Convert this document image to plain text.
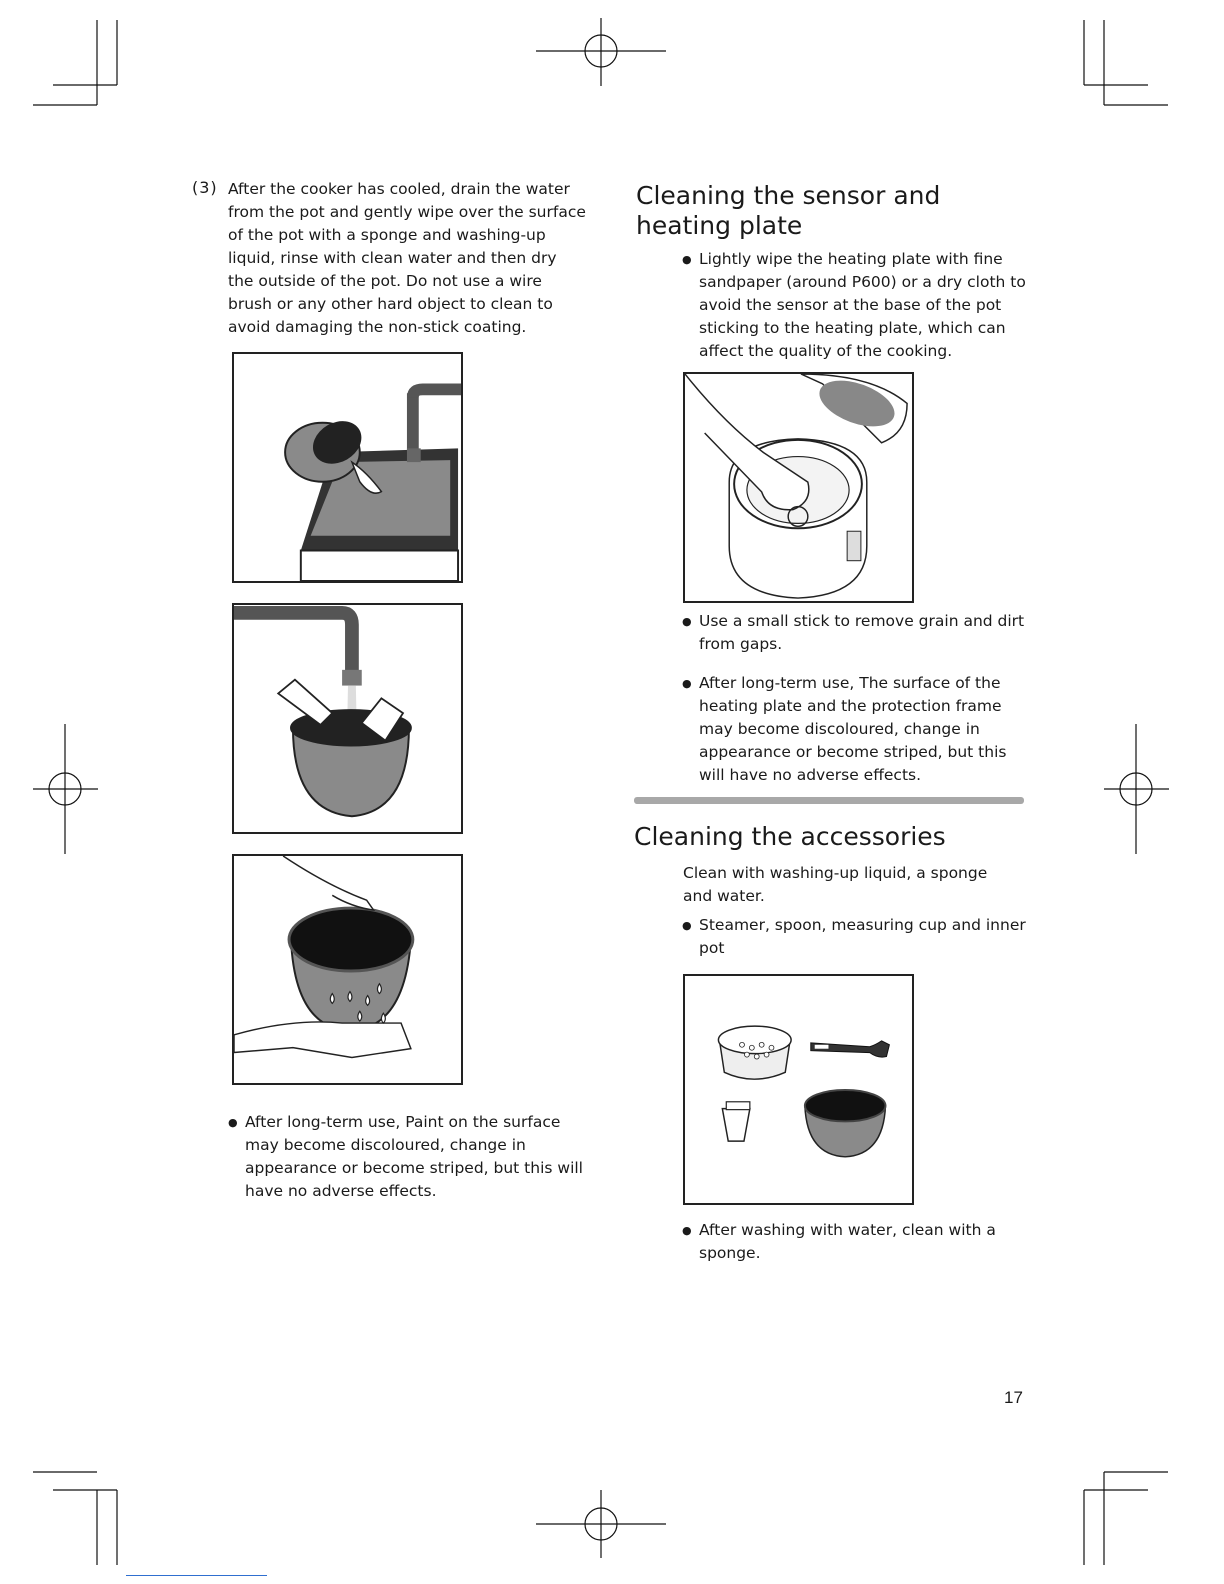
(3) After the cooker has cooled, drain the water from the pot and gently wipe over the surface of the pot with a sponge and washing-up liquid, rinse with clean water and then dry the outside of the pot. Do not use a wire brush or any other hard object to clean to avoid damaging the non-stick coating.
● After long-term use, Paint on the surface may become discoloured, change in appearance or become striped, but this will have no adverse effects.
Cleaning the sensor and heating plate
● Lightly wipe the heating plate with fine sandpaper (around P600) or a dry cloth to avoid the sensor at the base of the pot sticking to the heating plate, which can affect the quality of the cooking.
● Use a small stick to remove grain and dirt from gaps.
● After long-term use, The surface of the heating plate and the protection frame may become discoloured, change in appearance or become striped, but this will have no adverse effects.
Cleaning the accessories
Clean with washing-up liquid, a sponge and water.
● Steamer, spoon, measuring cup and inner pot
● After washing with water, clean with a sponge.
17
